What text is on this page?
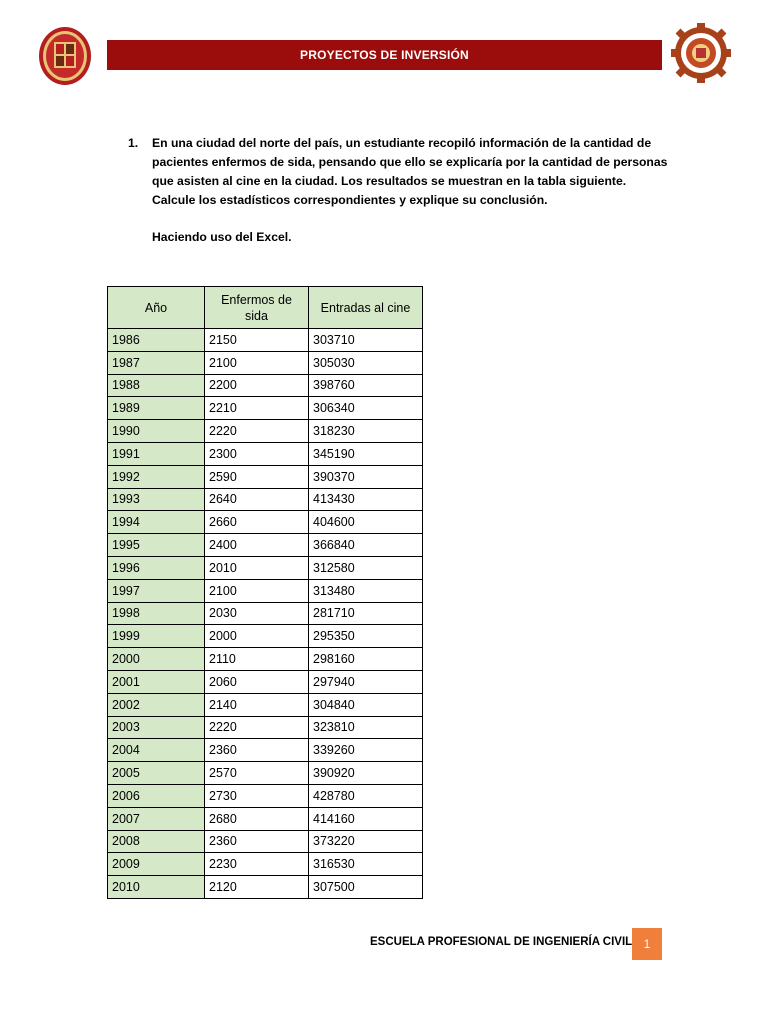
PROYECTOS DE INVERSIÓN
1. En una ciudad del norte del país, un estudiante recopiló información de la cantidad de pacientes enfermos de sida, pensando que ello se explicaría por la cantidad de personas que asisten al cine en la ciudad. Los resultados se muestran en la tabla siguiente. Calcule los estadísticos correspondientes y explique su conclusión.
Haciendo uso del Excel.
Año	Enfermos de sida	Entradas al cine
1986	2150	303710
1987	2100	305030
1988	2200	398760
1989	2210	306340
1990	2220	318230
1991	2300	345190
1992	2590	390370
1993	2640	413430
1994	2660	404600
1995	2400	366840
1996	2010	312580
1997	2100	313480
1998	2030	281710
1999	2000	295350
2000	2110	298160
2001	2060	297940
2002	2140	304840
2003	2220	323810
2004	2360	339260
2005	2570	390920
2006	2730	428780
2007	2680	414160
2008	2360	373220
2009	2230	316530
2010	2120	307500
ESCUELA PROFESIONAL DE INGENIERÍA CIVIL 1
